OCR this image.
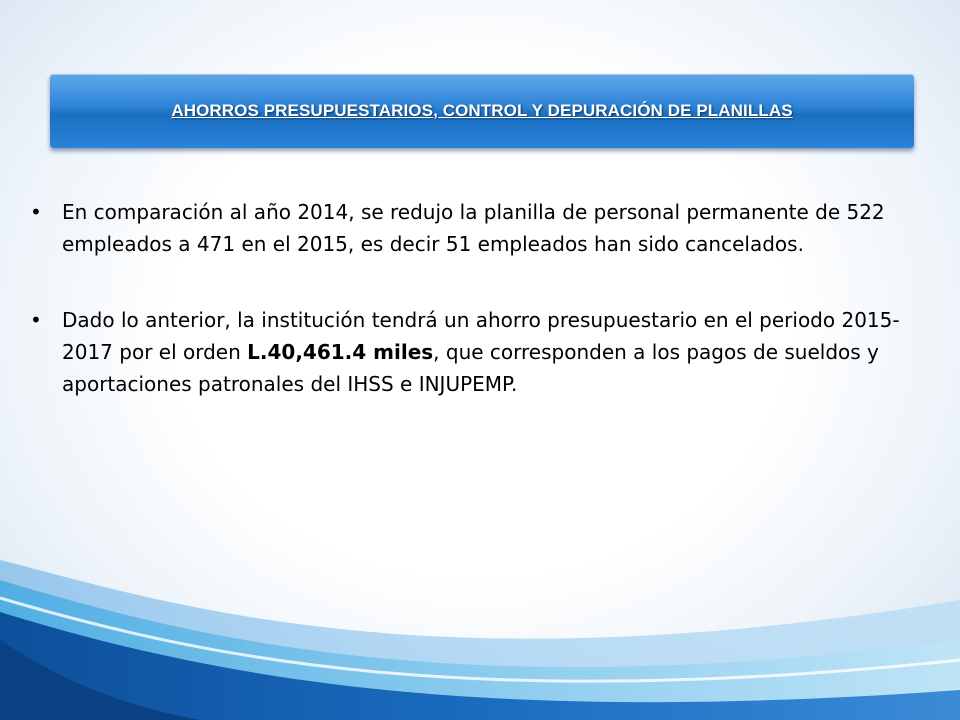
AHORROS PRESUPUESTARIOS, CONTROL Y DEPURACIÓN DE PLANILLAS
• En comparación al año 2014, se redujo la planilla de personal permanente de 522 empleados a 471 en el 2015, es decir 51 empleados han sido cancelados.
• Dado lo anterior, la institución tendrá un ahorro presupuestario en el periodo 2015-2017 por el orden L.40,461.4 miles, que corresponden a los pagos de sueldos y aportaciones patronales del IHSS e INJUPEMP.
